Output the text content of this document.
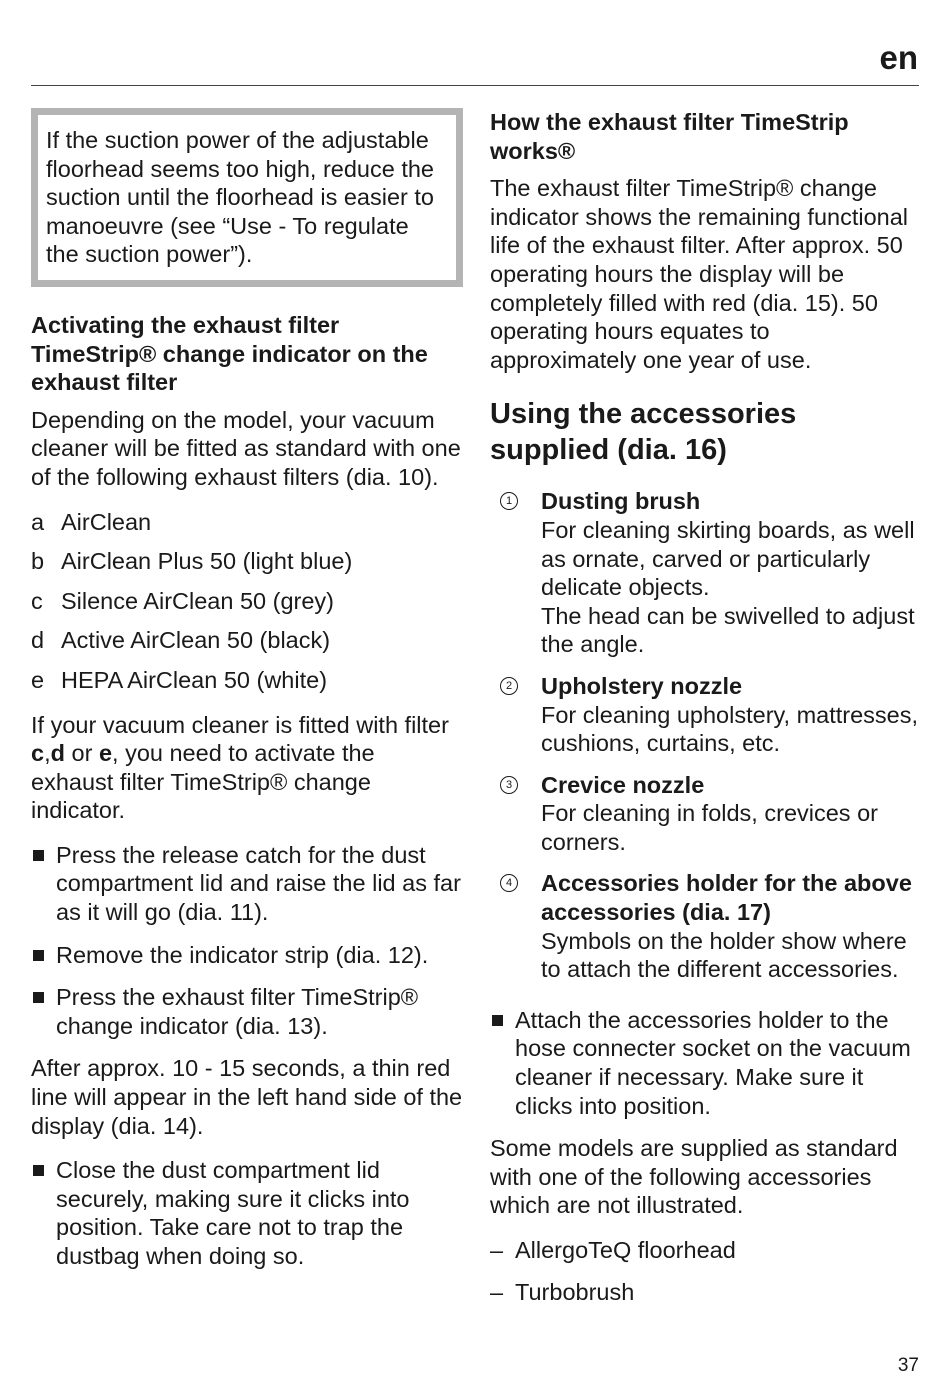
en

If the suction power of the adjustable floorhead seems too high, reduce the suction until the floorhead is easier to manoeuvre (see “Use - To regulate the suction power”).

Activating the exhaust filter TimeStrip® change indicator on the exhaust filter

Depending on the model, your vacuum cleaner will be fitted as standard with one of the following exhaust filters (dia. 10).

a AirClean
b AirClean Plus 50 (light blue)
c Silence AirClean 50 (grey)
d Active AirClean 50 (black)
e HEPA AirClean 50 (white)

If your vacuum cleaner is fitted with filter c,d or e, you need to activate the exhaust filter TimeStrip® change indicator.

Press the release catch for the dust compartment lid and raise the lid as far as it will go (dia. 11).
Remove the indicator strip (dia. 12).
Press the exhaust filter TimeStrip® change indicator (dia. 13).

After approx. 10 - 15 seconds, a thin red line will appear in the left hand side of the display (dia. 14).

Close the dust compartment lid securely, making sure it clicks into position. Take care not to trap the dustbag when doing so.
How the exhaust filter TimeStrip works®

The exhaust filter TimeStrip® change indicator shows the remaining functional life of the exhaust filter. After approx. 50 operating hours the display will be completely filled with red (dia. 15). 50 operating hours equates to approximately one year of use.

Using the accessories supplied (dia. 16)
1 Dusting brush
For cleaning skirting boards, as well as ornate, carved or particularly delicate objects.
The head can be swivelled to adjust the angle.
2 Upholstery nozzle
For cleaning upholstery, mattresses, cushions, curtains, etc.
3 Crevice nozzle
For cleaning in folds, crevices or corners.
4 Accessories holder for the above accessories (dia. 17)
Symbols on the holder show where to attach the different accessories.
Attach the accessories holder to the hose connecter socket on the vacuum cleaner if necessary. Make sure it clicks into position.

Some models are supplied as standard with one of the following accessories which are not illustrated.

– AllergoTeQ floorhead
– Turbobrush
37
